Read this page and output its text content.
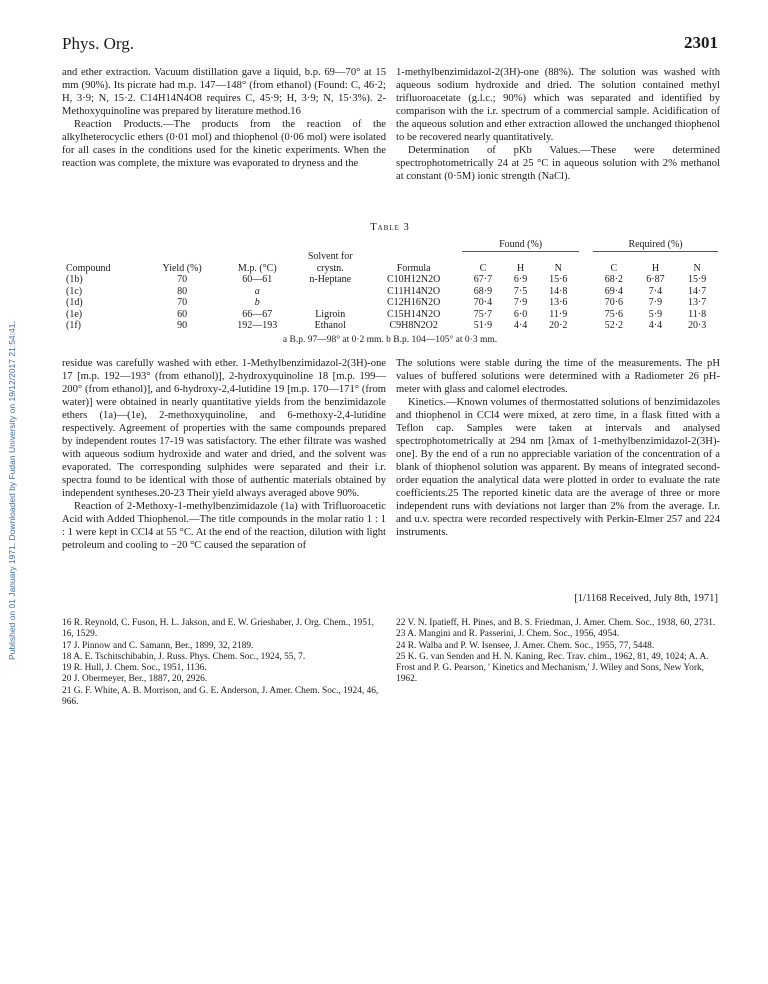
Phys. Org.	2301
Published on 01 January 1971. Downloaded by Fudan University on 19/12/2017 21:54:41.

and ether extraction. Vacuum distillation gave a liquid, b.p. 69—70° at 15 mm (90%). Its picrate had m.p. 147—148° (from ethanol) (Found: C, 46·2; H, 3·9; N, 15·2. C14H14N4O8 requires C, 45·9; H, 3·9; N, 15·3%). 2-Methoxyquinoline was prepared by literature method.16

Reaction Products.—The products from the reaction of the alkylheterocyclic ethers (0·01 mol) and thiophenol (0·06 mol) were isolated for all cases in the conditions used for the kinetic experiments. When the reaction was complete, the mixture was evaporated to dryness and the

1-methylbenzimidazol-2(3H)-one (88%). The solution was washed with aqueous sodium hydroxide and dried. The solution contained methyl trifluoroacetate (g.l.c.; 90%) which was separated and identified by comparison with the i.r. spectrum of a commercial sample. Acidification of the aqueous solution and ether extraction allowed the unchanged thiophenol to be recovered nearly quantitatively.

Determination of pKb Values.—These were determined spectrophotometrically 24 at 25 °C in aqueous solution with 2% methanol at constant (0·5M) ionic strength (NaCl).

Table 3
					Found (%)				Required (%)		
Compound	Yield (%)	M.p. (°C)	Solvent for crystn.	Formula	C	H	N		C	H	N
(1b)	70	60—61	n-Heptane	C10H12N2O	67·7	6·9	15·6		68·2	6·87	15·9
(1c)	80	a		C11H14N2O	68·9	7·5	14·8		69·4	7·4	14·7
(1d)	70	b		C12H16N2O	70·4	7·9	13·6		70·6	7·9	13·7
(1e)	60	66—67	Ligroin	C15H14N2O	75·7	6·0	11·9		75·6	5·9	11·8
(1f)	90	192—193	Ethanol	C9H8N2O2	51·9	4·4	20·2		52·2	4·4	20·3
a B.p. 97—98° at 0·2 mm. b B.p. 104—105° at 0·3 mm.

residue was carefully washed with ether. 1-Methylbenzimidazol-2(3H)-one 17 [m.p. 192—193° (from ethanol)], 2-hydroxyquinoline 18 [m.p. 199—200° (from ethanol)], and 6-hydroxy-2,4-lutidine 19 [m.p. 170—171° (from water)] were obtained in nearly quantitative yields from the benzimidazole ethers (1a)—(1e), 2-methoxyquinoline, and 6-methoxy-2,4-lutidine respectively. Agreement of properties with the same compounds prepared by independent routes 17-19 was satisfactory. The ether filtrate was washed with aqueous sodium hydroxide and water and dried, and the solvent was evaporated. The corresponding sulphides were separated and their i.r. spectra found to be identical with those of authentic materials obtained by independent syntheses.20-23 Their yield always averaged above 90%.

Reaction of 2-Methoxy-1-methylbenzimidazole (1a) with Trifluoroacetic Acid with Added Thiophenol.—The title compounds in the molar ratio 1 : 1 : 1 were kept in CCl4 at 55 °C. At the end of the reaction, dilution with light petroleum and cooling to −20 °C caused the separation of

The solutions were stable during the time of the measurements. The pH values of buffered solutions were determined with a Radiometer 26 pH-meter with glass and calomel electrodes.

Kinetics.—Known volumes of thermostatted solutions of benzimidazoles and thiophenol in CCl4 were mixed, at zero time, in a flask fitted with a Teflon cap. Samples were taken at intervals and analysed spectrophotometrically at 294 nm [λmax of 1-methylbenzimidazol-2(3H)-one]. By the end of a run no appreciable variation of the concentration of a blank of thiophenol solution was apparent. By means of integrated second-order equation the analytical data were plotted in order to evaluate the rate coefficients.25 The reported kinetic data are the average of three or more independent runs with deviations not larger than 2% from the average. I.r. and u.v. spectra were recorded respectively with Perkin-Elmer 257 and 224 instruments.

[1/1168 Received, July 8th, 1971]
16 R. Reynold, C. Fuson, H. L. Jakson, and E. W. Grieshaber, J. Org. Chem., 1951, 16, 1529.
17 J. Pinnow and C. Samann, Ber., 1899, 32, 2189.
18 A. E. Tschitschibabin, J. Russ. Phys. Chem. Soc., 1924, 55, 7.
19 R. Hull, J. Chem. Soc., 1951, 1136.
20 J. Obermeyer, Ber., 1887, 20, 2926.
21 G. F. White, A. B. Morrison, and G. E. Anderson, J. Amer. Chem. Soc., 1924, 46, 966.
22 V. N. Ipatieff, H. Pines, and B. S. Friedman, J. Amer. Chem. Soc., 1938, 60, 2731.
23 A. Mangini and R. Passerini, J. Chem. Soc., 1956, 4954.
24 R. Walba and P. W. Isensee, J. Amer. Chem. Soc., 1955, 77, 5448.
25 K. G. van Senden and H. N. Kaning, Rec. Trav. chim., 1962, 81, 49, 1024; A. A. Frost and P. G. Pearson, ' Kinetics and Mechanism,' J. Wiley and Sons, New York, 1962.
